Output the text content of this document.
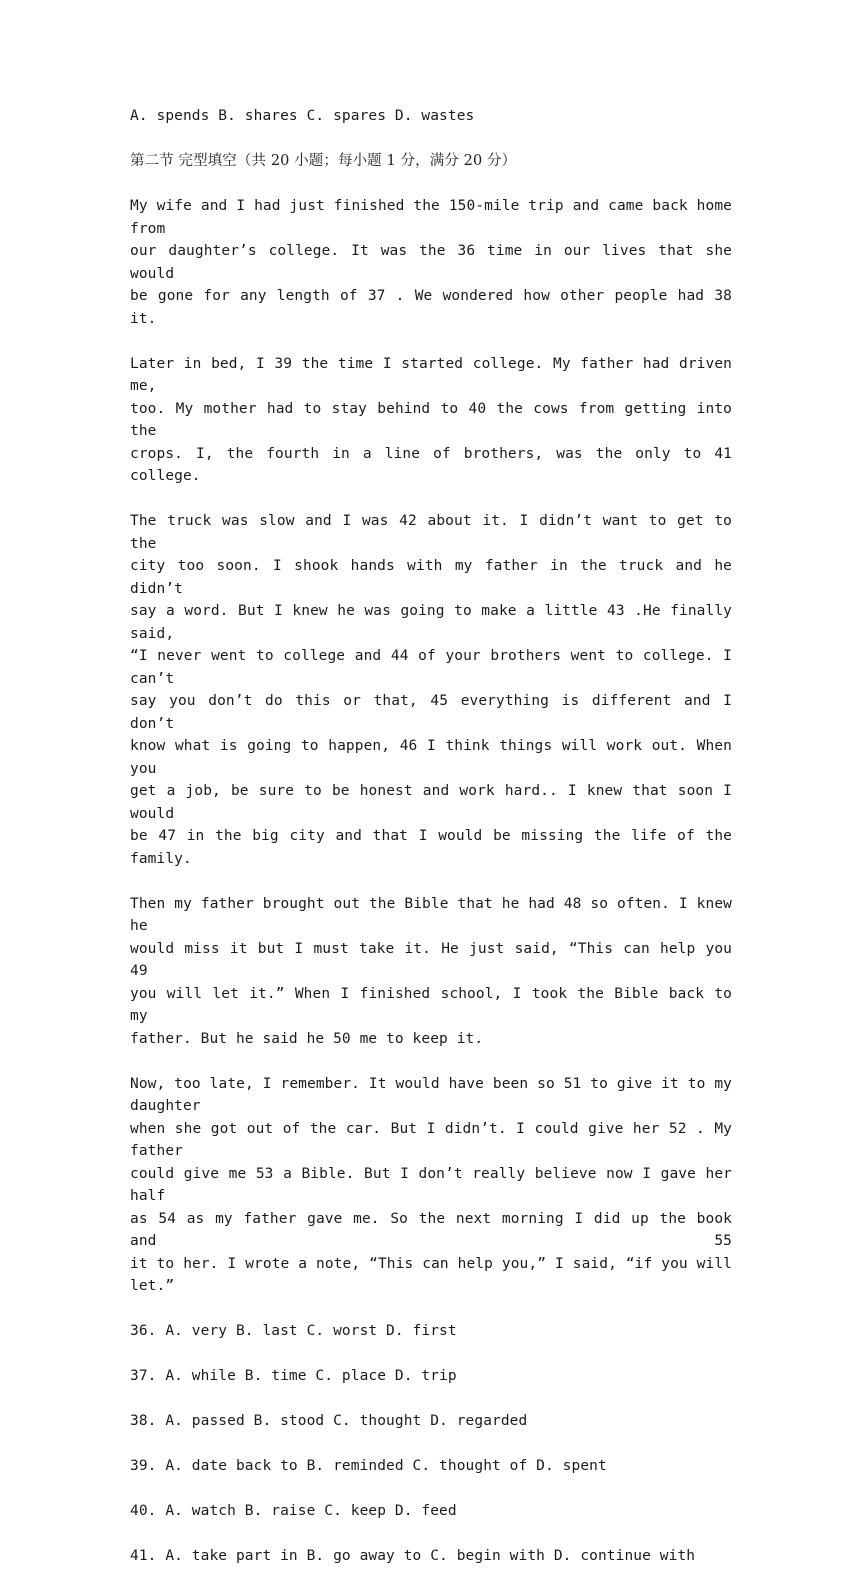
A. spends B. shares C. spares D. wastes
第二节 完型填空（共 20 小题；每小题 1 分，满分 20 分）
My wife and I had just finished the 150-mile trip and came back home from
our daughter’s college. It was the 36 time in our lives that she would
be gone for any length of 37 . We wondered how other people had 38 it.
Later in bed, I 39 the time I started college. My father had driven me,
too. My mother had to stay behind to 40 the cows from getting into the
crops. I, the fourth in a line of brothers, was the only to 41 college.
The truck was slow and I was 42 about it. I didn’t want to get to the
city too soon. I shook hands with my father in the truck and he didn’t
say a word. But I knew he was going to make a little 43 .He finally said,
“I never went to college and 44 of your brothers went to college. I can’t
say you don’t do this or that, 45 everything is different and I don’t
know what is going to happen, 46 I think things will work out. When you
get a job, be sure to be honest and work hard.. I knew that soon I would
be 47 in the big city and that I would be missing the life of the family.
Then my father brought out the Bible that he had 48 so often. I knew he
would miss it but I must take it. He just said, “This can help you 49
you will let it.” When I finished school, I took the Bible back to my
father. But he said he 50 me to keep it.
Now, too late, I remember. It would have been so 51 to give it to my daughter
when she got out of the car. But I didn’t. I could give her 52 . My father
could give me 53 a Bible. But I don’t really believe now I gave her half
as 54 as my father gave me. So the next morning I did up the book and 55
it to her. I wrote a note, “This can help you,” I said, “if you will
let.”
36. A. very B. last C. worst D. first
37. A. while B. time C. place D. trip
38. A. passed B. stood C. thought D. regarded
39. A. date back to B. reminded C. thought of D. spent
40. A. watch B. raise C. keep D. feed
41. A. take part in B. go away to C. begin with D. continue with
